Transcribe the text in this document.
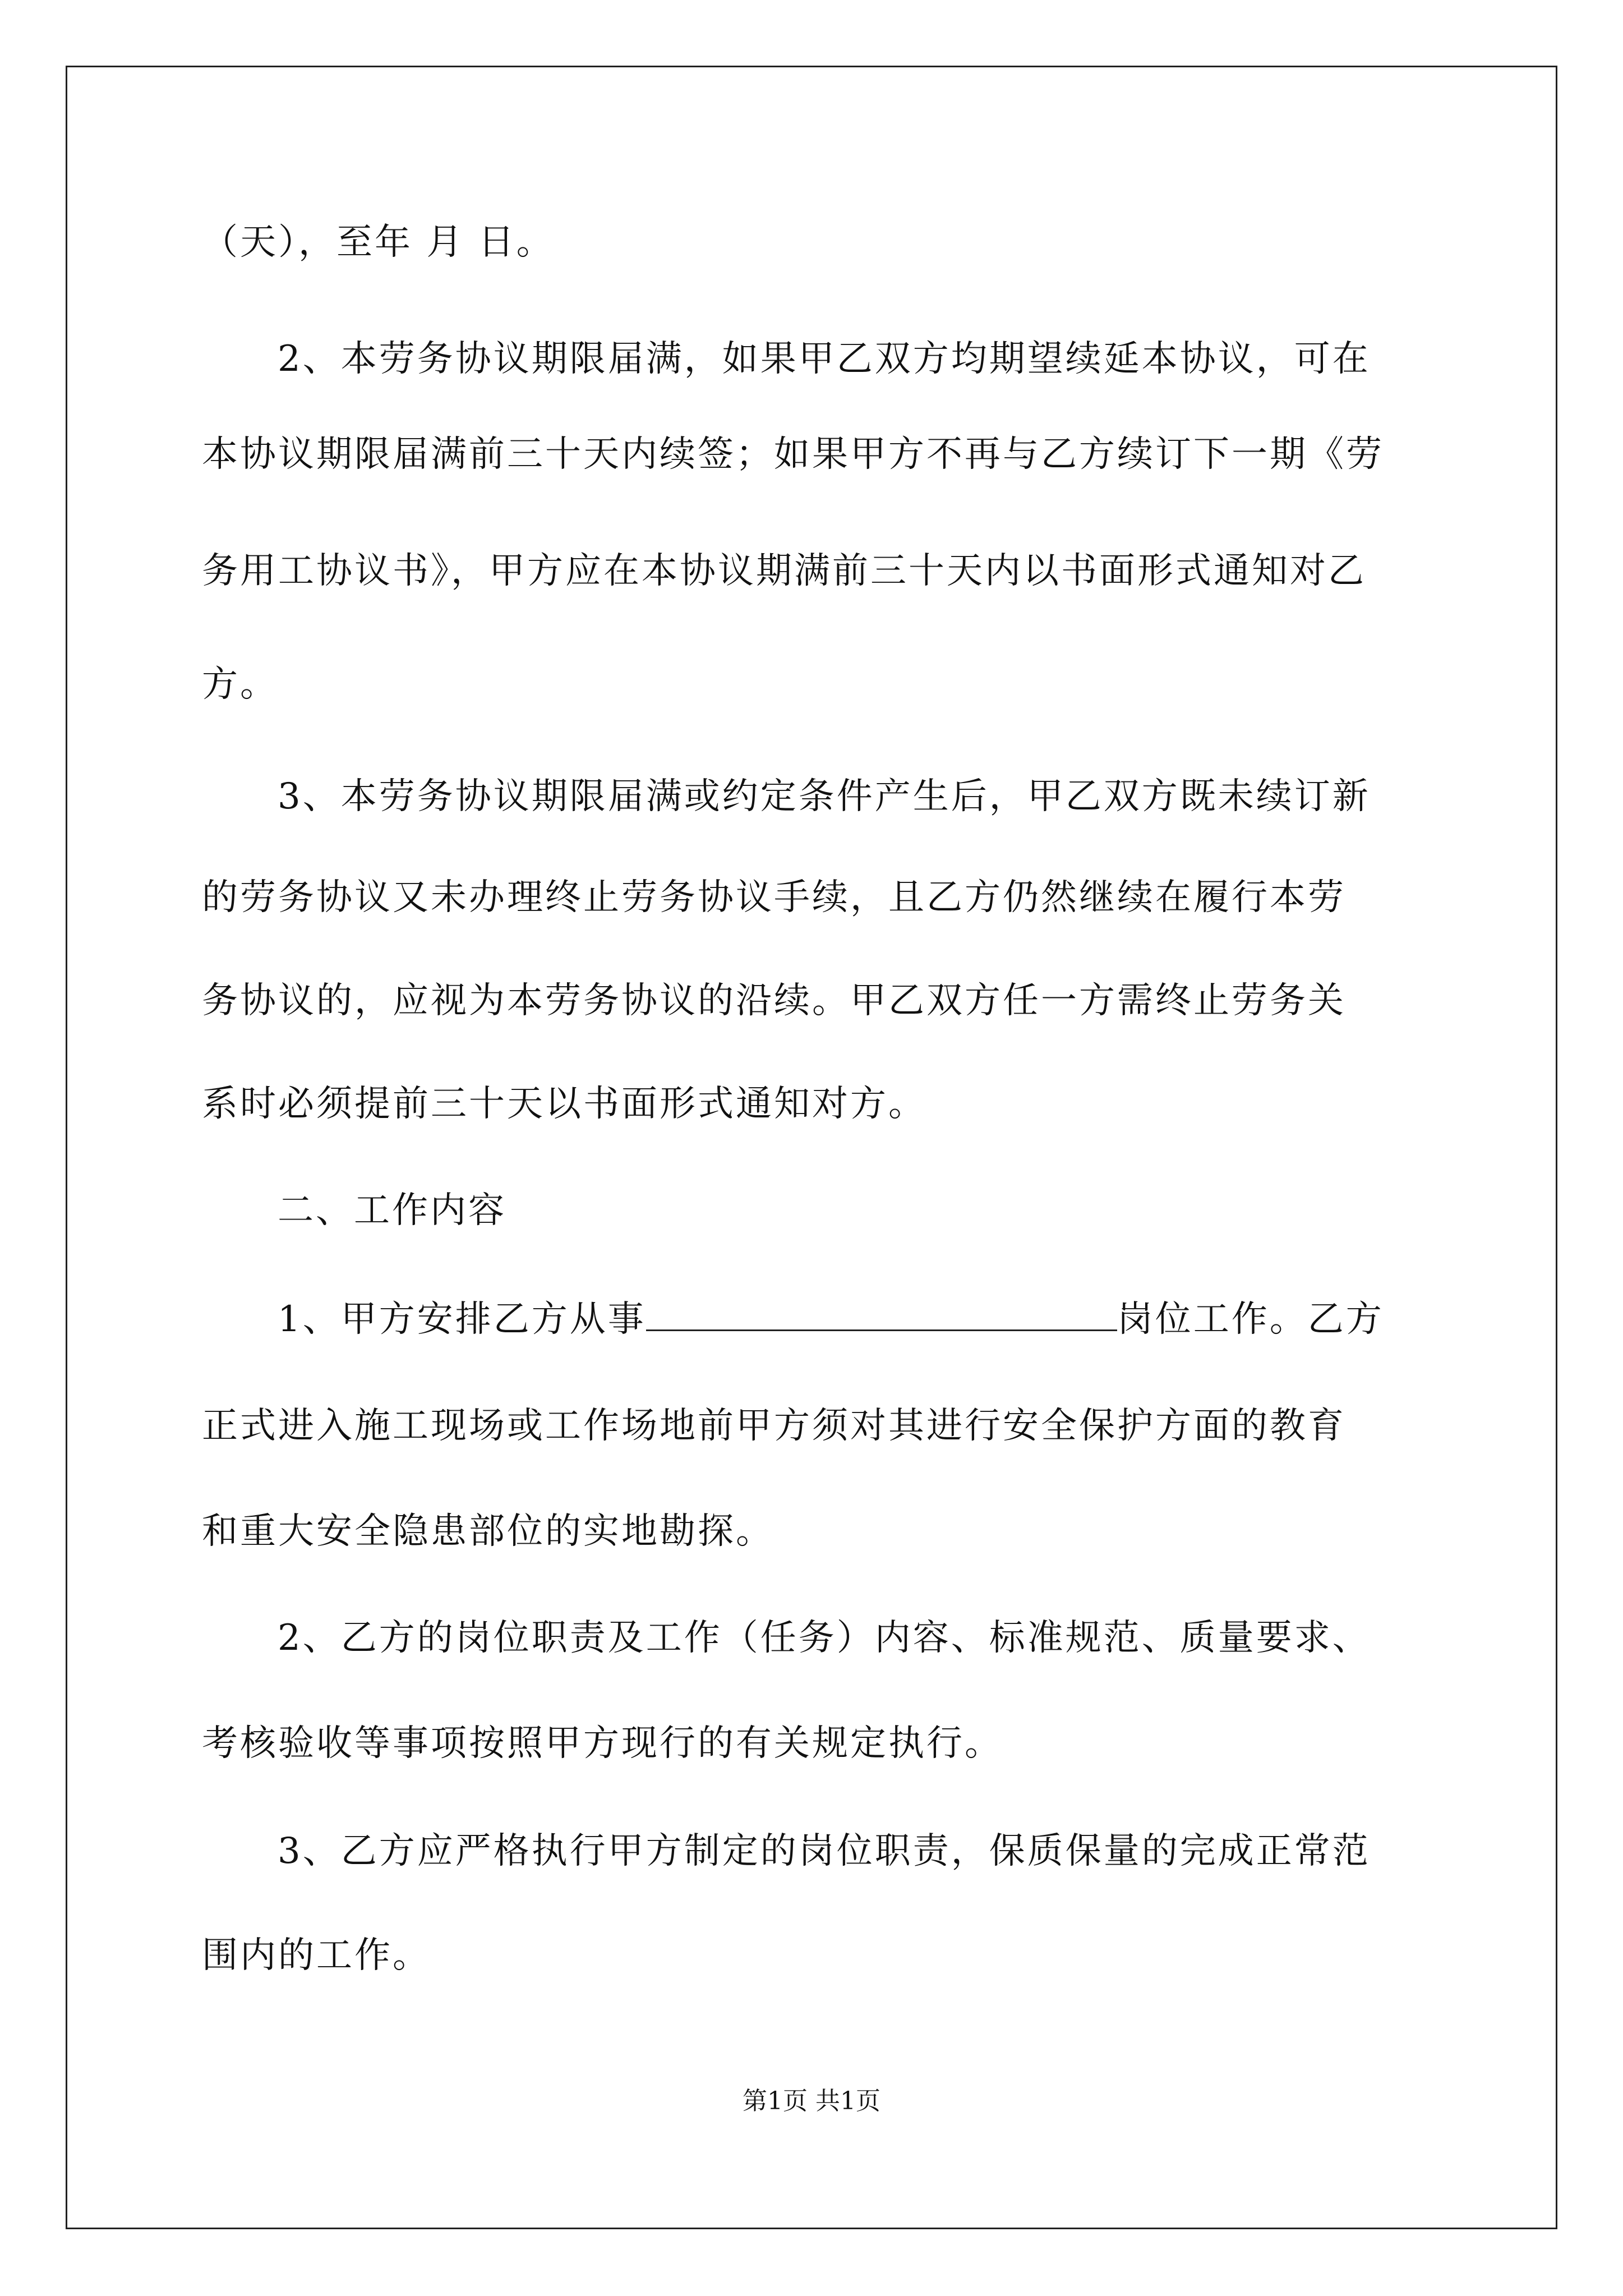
（天），至年 月 日。
2、本劳务协议期限届满，如果甲乙双方均期望续延本协议，可在
本协议期限届满前三十天内续签；如果甲方不再与乙方续订下一期《劳
务用工协议书》，甲方应在本协议期满前三十天内以书面形式通知对乙
方。
3、本劳务协议期限届满或约定条件产生后，甲乙双方既未续订新
的劳务协议又未办理终止劳务协议手续，且乙方仍然继续在履行本劳
务协议的，应视为本劳务协议的沿续。甲乙双方任一方需终止劳务关
系时必须提前三十天以书面形式通知对方。
二、工作内容
1、甲方安排乙方从事	岗位工作。乙方
正式进入施工现场或工作场地前甲方须对其进行安全保护方面的教育
和重大安全隐患部位的实地勘探。
2、乙方的岗位职责及工作（任务）内容、标准规范、质量要求、
考核验收等事项按照甲方现行的有关规定执行。
3、乙方应严格执行甲方制定的岗位职责，保质保量的完成正常范
围内的工作。
第1页 共1页
